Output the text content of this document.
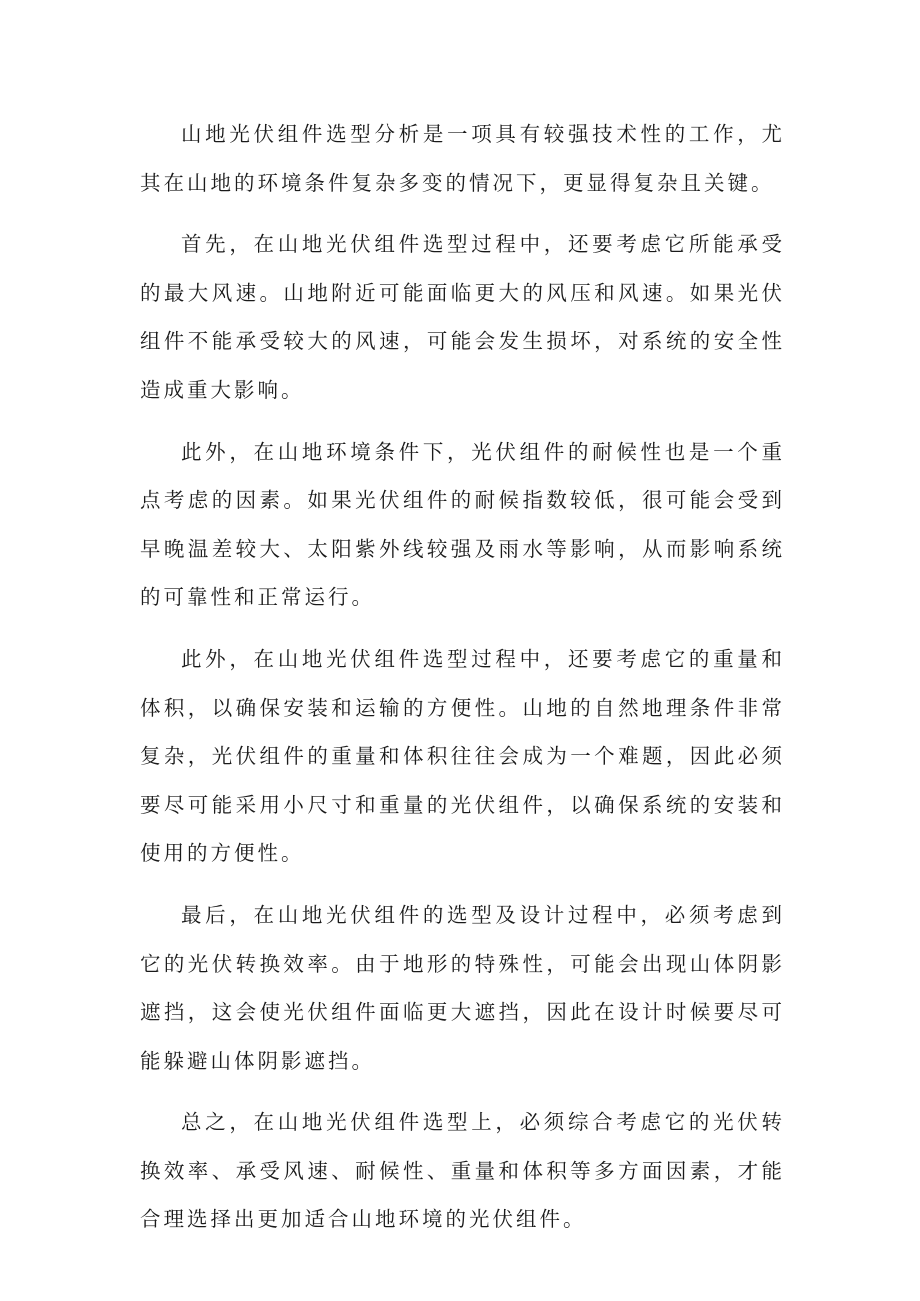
山地光伏组件选型分析是一项具有较强技术性的工作，尤其在山地的环境条件复杂多变的情况下，更显得复杂且关键。

首先，在山地光伏组件选型过程中，还要考虑它所能承受的最大风速。山地附近可能面临更大的风压和风速。如果光伏组件不能承受较大的风速，可能会发生损坏，对系统的安全性造成重大影响。

此外，在山地环境条件下，光伏组件的耐候性也是一个重点考虑的因素。如果光伏组件的耐候指数较低，很可能会受到早晚温差较大、太阳紫外线较强及雨水等影响，从而影响系统的可靠性和正常运行。

此外，在山地光伏组件选型过程中，还要考虑它的重量和体积，以确保安装和运输的方便性。山地的自然地理条件非常复杂，光伏组件的重量和体积往往会成为一个难题，因此必须要尽可能采用小尺寸和重量的光伏组件，以确保系统的安装和使用的方便性。

最后，在山地光伏组件的选型及设计过程中，必须考虑到它的光伏转换效率。由于地形的特殊性，可能会出现山体阴影遮挡，这会使光伏组件面临更大遮挡，因此在设计时候要尽可能躲避山体阴影遮挡。

总之，在山地光伏组件选型上，必须综合考虑它的光伏转换效率、承受风速、耐候性、重量和体积等多方面因素，才能合理选择出更加适合山地环境的光伏组件。
